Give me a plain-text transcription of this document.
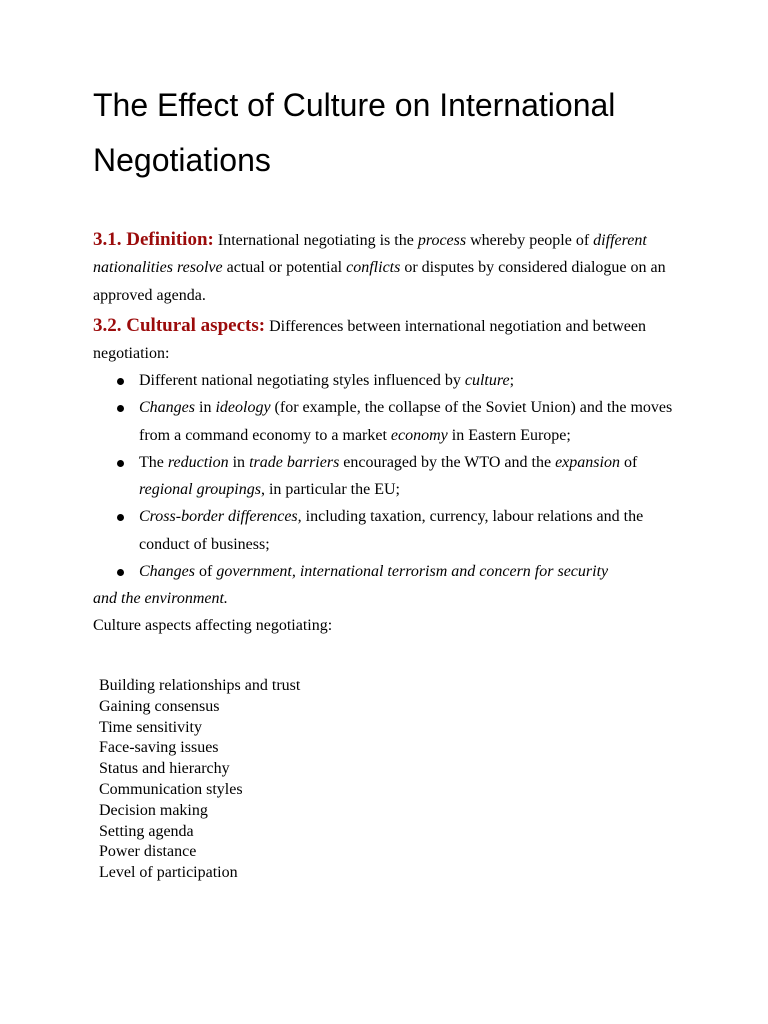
The Effect of Culture on International Negotiations

3.1. Definition: International negotiating is the process whereby people of different nationalities resolve actual or potential conflicts or disputes by considered dialogue on an approved agenda.

3.2. Cultural aspects: Differences between international negotiation and between negotiation:

Different national negotiating styles influenced by culture;
Changes in ideology (for example, the collapse of the Soviet Union) and the moves from a command economy to a market economy in Eastern Europe;
The reduction in trade barriers encouraged by the WTO and the expansion of regional groupings, in particular the EU;
Cross-border differences, including taxation, currency, labour relations and the conduct of business;
Changes of government, international terrorism and concern for security

and the environment.

Culture aspects affecting negotiating:

Building relationships and trust
Gaining consensus
Time sensitivity
Face-saving issues
Status and hierarchy
Communication styles
Decision making
Setting agenda
Power distance
Level of participation
